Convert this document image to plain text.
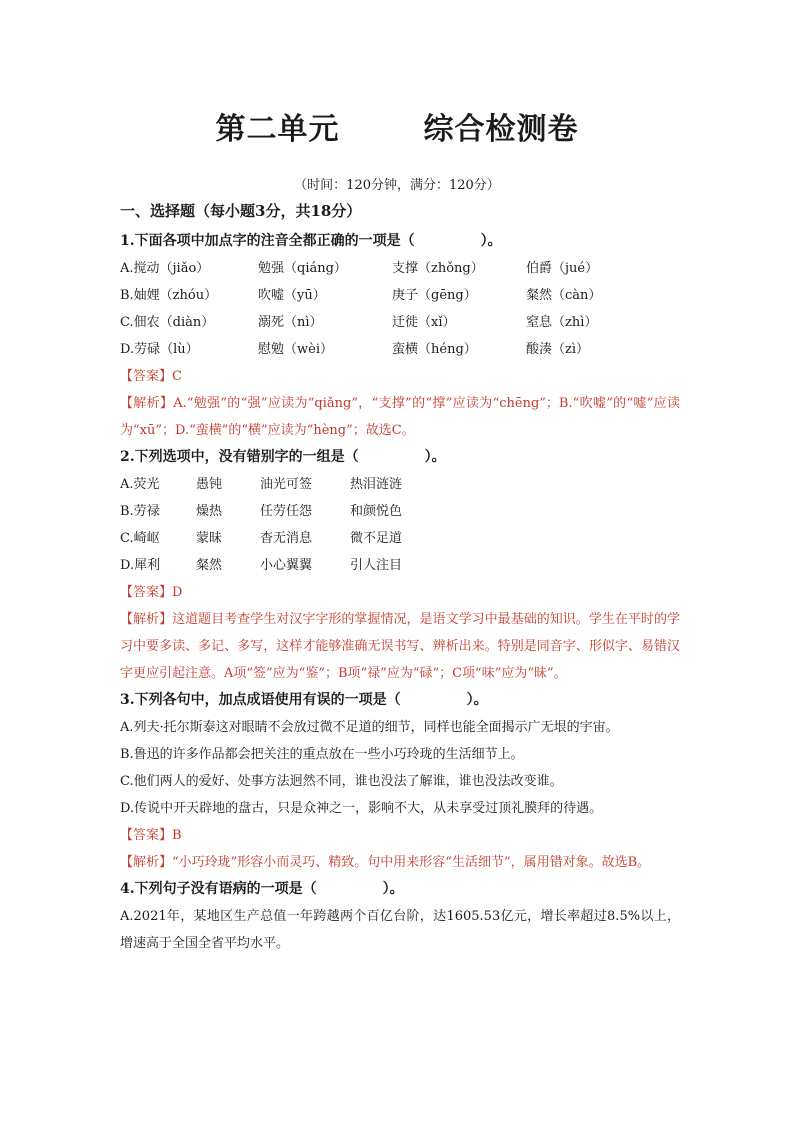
第二单元	综合检测卷
（时间：120分钟，满分：120分）
一、选择题（每小题3分，共18分）
1.下面各项中加点字的注音全都正确的一项是（	）。
A.搅动（jiǎo）	勉强（qiáng）	支撑（zhǒng）	伯爵（jué）
B.妯娌（zhóu）	吹嘘（yū）	庚子（gēng）	粲然（càn）
C.佃农（diàn）	溺死（nì）	迁徙（xǐ）	窒息（zhì）
D.劳碌（lù）	慰勉（wèi）	蛮横（héng）	酸湊（zì）
【答案】C
【解析】A.“勉强”的“强”应读为“qiǎng”，“支撑”的“撑”应读为“chēng”；B.“吹嘘”的“嘘”应读为“xū”；D.“蛮横”的“横”应读为“hèng”；故选C。
2.下列选项中，没有错别字的一组是（	）。
A.荧光	愚钝	油光可签	热泪涟涟
B.劳禄	燥热	任劳任怨	和颜悦色
C.崎岖	蒙昧	杳无消息	微不足道
D.犀利	粲然	小心翼翼	引人注目
【答案】D
【解析】这道题目考查学生对汉字字形的掌握情况，是语文学习中最基础的知识。学生在平时的学习中要多读、多记、多写，这样才能够准确无误书写、辨析出来。特别是同音字、形似字、易错汉字更应引起注意。A项“签”应为“鉴”；B项“禄”应为“碌”；C项“味”应为“昧”。
3.下列各句中，加点成语使用有误的一项是（	）。
A.列夫·托尔斯泰这对眼睛不会放过微不足道的细节，同样也能全面揭示广无垠的宇宙。
B.鲁迅的许多作品都会把关注的重点放在一些小巧玲珑的生活细节上。
C.他们两人的爱好、处事方法迥然不同，谁也没法了解谁，谁也没法改变谁。
D.传说中开天辟地的盘古，只是众神之一，影响不大，从未享受过顶礼膜拜的待遇。
【答案】B
【解析】“小巧玲珑”形容小而灵巧、精致。句中用来形容“生活细节”，属用错对象。故选B。
4.下列句子没有语病的一项是（	）。
A.2021年，某地区生产总值一年跨越两个百亿台阶，达1605.53亿元，增长率超过8.5%以上，增速高于全国全省平均水平。
